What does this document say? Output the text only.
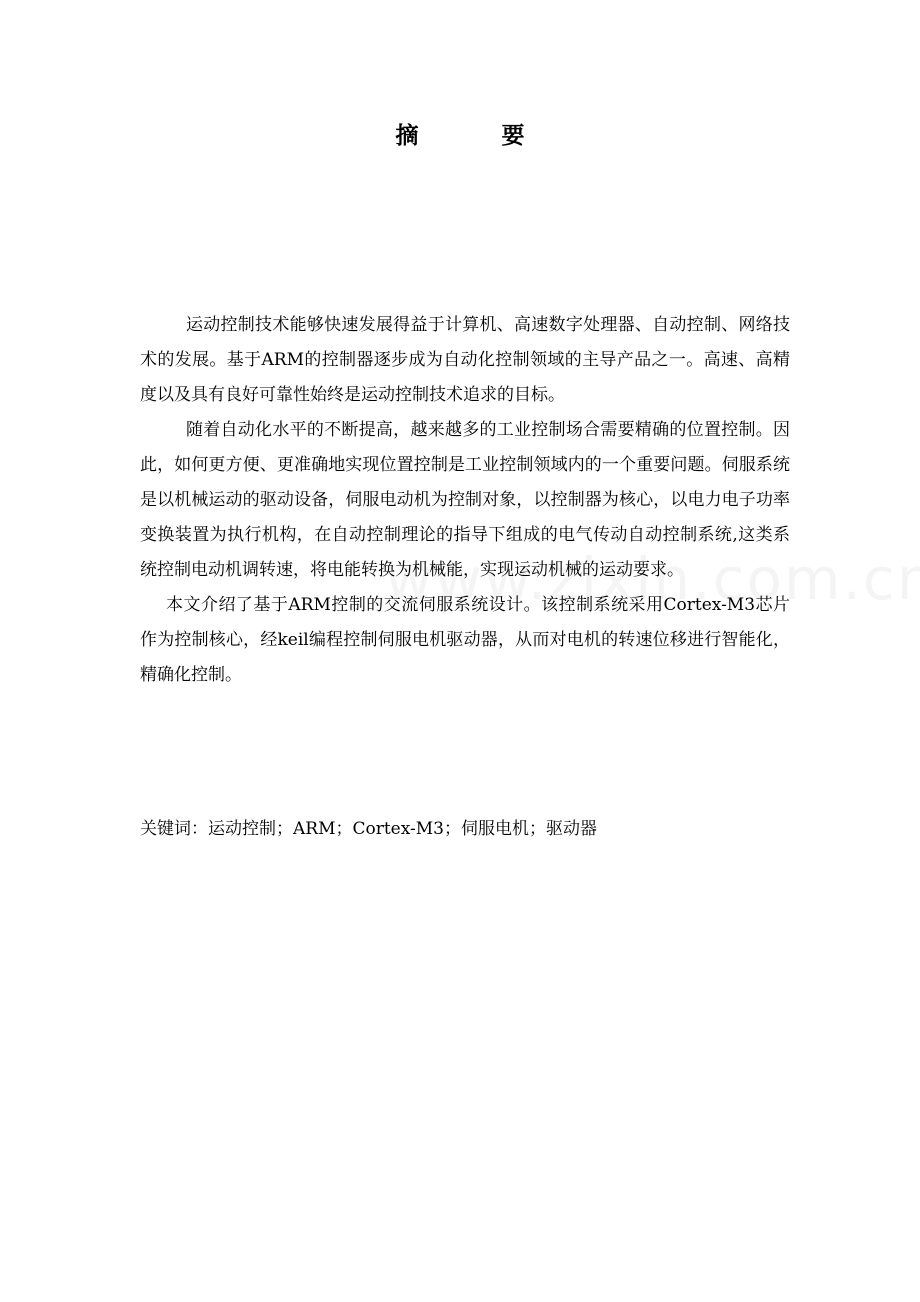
摘　要

运动控制技术能够快速发展得益于计算机、高速数字处理器、自动控制、网络技术的发展。基于ARM的控制器逐步成为自动化控制领域的主导产品之一。高速、高精度以及具有良好可靠性始终是运动控制技术追求的目标。

随着自动化水平的不断提高，越来越多的工业控制场合需要精确的位置控制。因此，如何更方便、更准确地实现位置控制是工业控制领域内的一个重要问题。伺服系统是以机械运动的驱动设备，伺服电动机为控制对象，以控制器为核心，以电力电子功率变换装置为执行机构，在自动控制理论的指导下组成的电气传动自动控制系统,这类系统控制电动机调转速，将电能转换为机械能，实现运动机械的运动要求。

本文介绍了基于ARM控制的交流伺服系统设计。该控制系统采用Cortex-M3芯片作为控制核心，经keil编程控制伺服电机驱动器，从而对电机的转速位移进行智能化，精确化控制。

关键词：运动控制；ARM；Cortex-M3；伺服电机；驱动器
